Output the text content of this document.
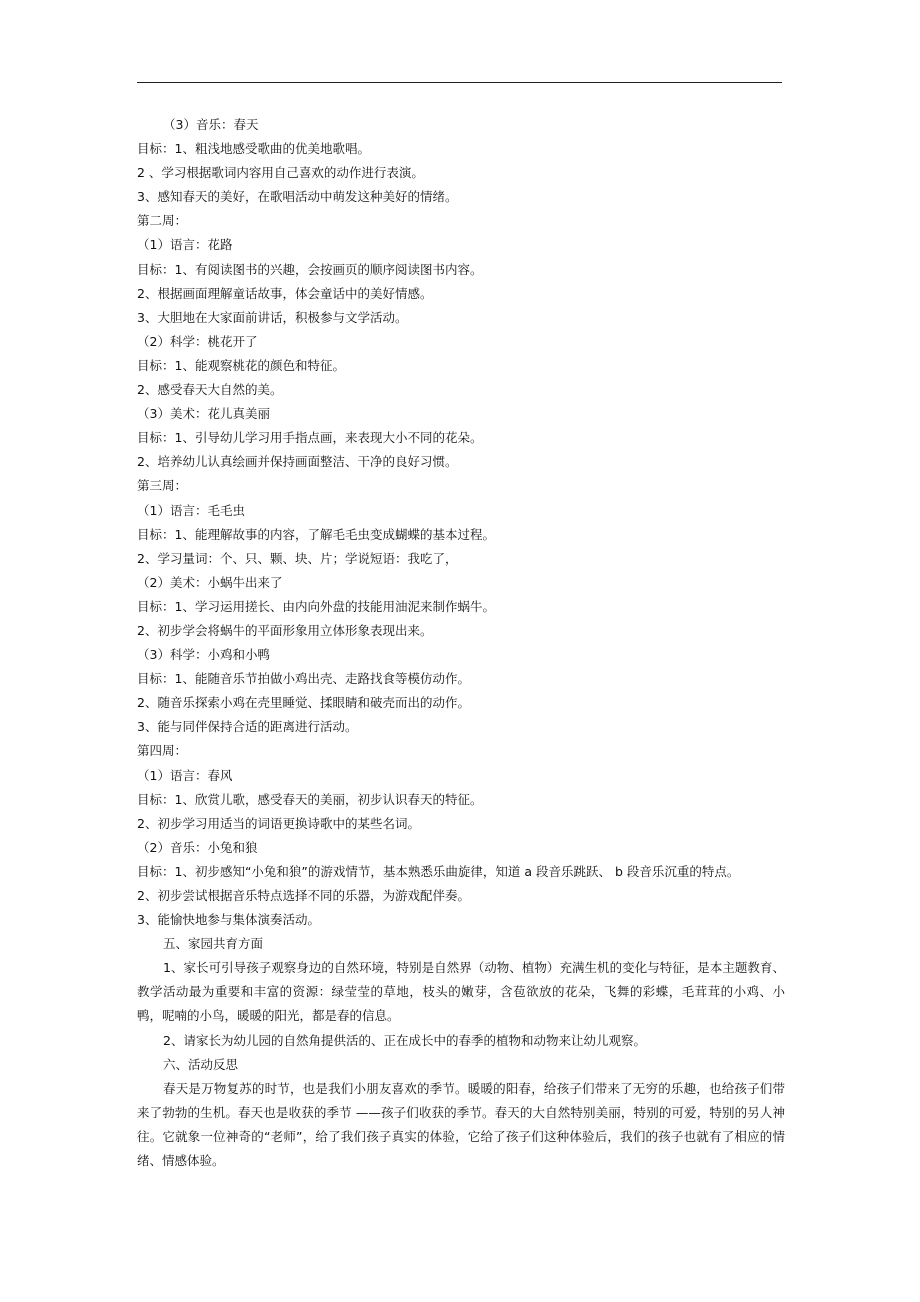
（3）音乐：春天
目标：1、粗浅地感受歌曲的优美地歌唱。
2 、学习根据歌词内容用自己喜欢的动作进行表演。
3、感知春天的美好，在歌唱活动中萌发这种美好的情绪。
第二周：
（1）语言：花路
目标：1、有阅读图书的兴趣，会按画页的顺序阅读图书内容。
2、根据画面理解童话故事，体会童话中的美好情感。
3、大胆地在大家面前讲话，积极参与文学活动。
（2）科学：桃花开了
目标：1、能观察桃花的颜色和特征。
2、感受春天大自然的美。
（3）美术：花儿真美丽
目标：1、引导幼儿学习用手指点画，来表现大小不同的花朵。
2、培养幼儿认真绘画并保持画面整洁、干净的良好习惯。
第三周：
（1）语言：毛毛虫
目标：1、能理解故事的内容，了解毛毛虫变成蝴蝶的基本过程。
2、学习量词：个、只、颗、块、片；学说短语：我吃了，
（2）美术：小蜗牛出来了
目标：1、学习运用搓长、由内向外盘的技能用油泥来制作蜗牛。
2、初步学会将蜗牛的平面形象用立体形象表现出来。
（3）科学：小鸡和小鸭
目标：1、能随音乐节拍做小鸡出壳、走路找食等模仿动作。
2、随音乐探索小鸡在壳里睡觉、揉眼睛和破壳而出的动作。
3、能与同伴保持合适的距离进行活动。
第四周：
（1）语言：春风
目标：1、欣赏儿歌，感受春天的美丽，初步认识春天的特征。
2、初步学习用适当的词语更换诗歌中的某些名词。
（2）音乐：小兔和狼
目标：1、初步感知“小兔和狼”的游戏情节，基本熟悉乐曲旋律，知道 a 段音乐跳跃、 b 段音乐沉重的特点。
2、初步尝试根据音乐特点选择不同的乐器，为游戏配伴奏。
3、能愉快地参与集体演奏活动。
五、家园共育方面

1、家长可引导孩子观察身边的自然环境，特别是自然界（动物、植物）充满生机的变化与特征，是本主题教育、教学活动最为重要和丰富的资源：绿莹莹的草地，枝头的嫩芽，含苞欲放的花朵，飞舞的彩蝶，毛茸茸的小鸡、小鸭，呢喃的小鸟，暖暖的阳光，都是春的信息。

2、请家长为幼儿园的自然角提供活的、正在成长中的春季的植物和动物来让幼儿观察。

六、活动反思

春天是万物复苏的时节，也是我们小朋友喜欢的季节。暖暖的阳春，给孩子们带来了无穷的乐趣，也给孩子们带来了勃勃的生机。春天也是收获的季节 ——孩子们收获的季节。春天的大自然特别美丽，特别的可爱，特别的另人神往。它就象一位神奇的“老师”，给了我们孩子真实的体验，它给了孩子们这种体验后，我们的孩子也就有了相应的情绪、情感体验。
